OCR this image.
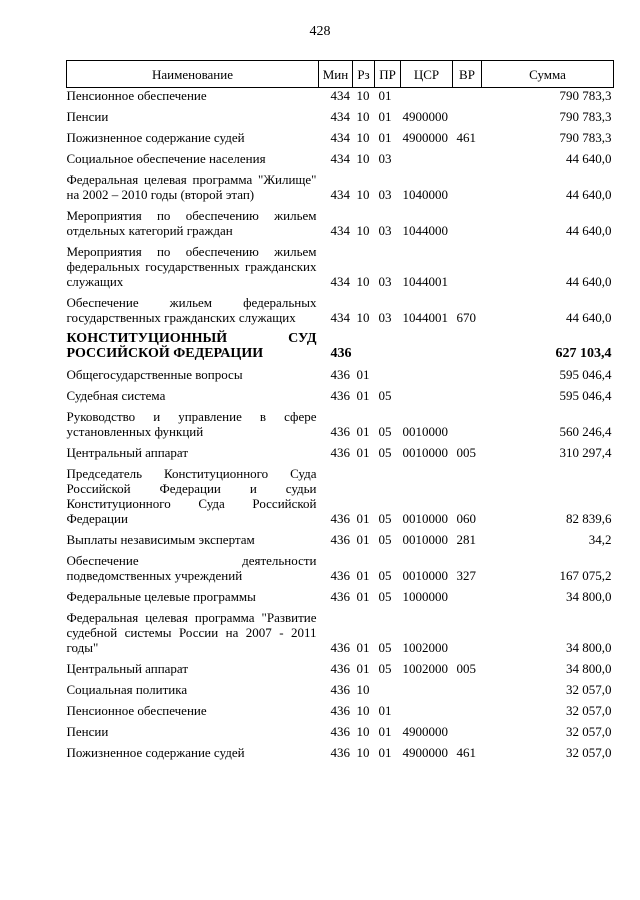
428
Наименование	Мин	Рз	ПР	ЦСР	ВР	Сумма
Пенсионное обеспечение	434	10	01			790 783,3
Пенсии	434	10	01	4900000		790 783,3
Пожизненное содержание судей	434	10	01	4900000	461	790 783,3
Социальное обеспечение населения	434	10	03			44 640,0
Федеральная целевая программа "Жилище" на 2002 – 2010 годы (второй этап)	434	10	03	1040000		44 640,0
Мероприятия по обеспечению жильем отдельных категорий граждан	434	10	03	1044000		44 640,0
Мероприятия по обеспечению жильем федеральных государственных гражданских служащих	434	10	03	1044001		44 640,0
Обеспечение жильем федеральных государственных гражданских служащих	434	10	03	1044001	670	44 640,0
КОНСТИТУЦИОННЫЙ СУД РОССИЙСКОЙ ФЕДЕРАЦИИ	436					627 103,4
Общегосударственные вопросы	436	01				595 046,4
Судебная система	436	01	05			595 046,4
Руководство и управление в сфере установленных функций	436	01	05	0010000		560 246,4
Центральный аппарат	436	01	05	0010000	005	310 297,4
Председатель Конституционного Суда Российской Федерации и судьи Конституционного Суда Российской Федерации	436	01	05	0010000	060	82 839,6
Выплаты независимым экспертам	436	01	05	0010000	281	34,2
Обеспечение деятельности подведомственных учреждений	436	01	05	0010000	327	167 075,2
Федеральные целевые программы	436	01	05	1000000		34 800,0
Федеральная целевая программа "Развитие судебной системы России на 2007 - 2011 годы"	436	01	05	1002000		34 800,0
Центральный аппарат	436	01	05	1002000	005	34 800,0
Социальная политика	436	10				32 057,0
Пенсионное обеспечение	436	10	01			32 057,0
Пенсии	436	10	01	4900000		32 057,0
Пожизненное содержание судей	436	10	01	4900000	461	32 057,0
